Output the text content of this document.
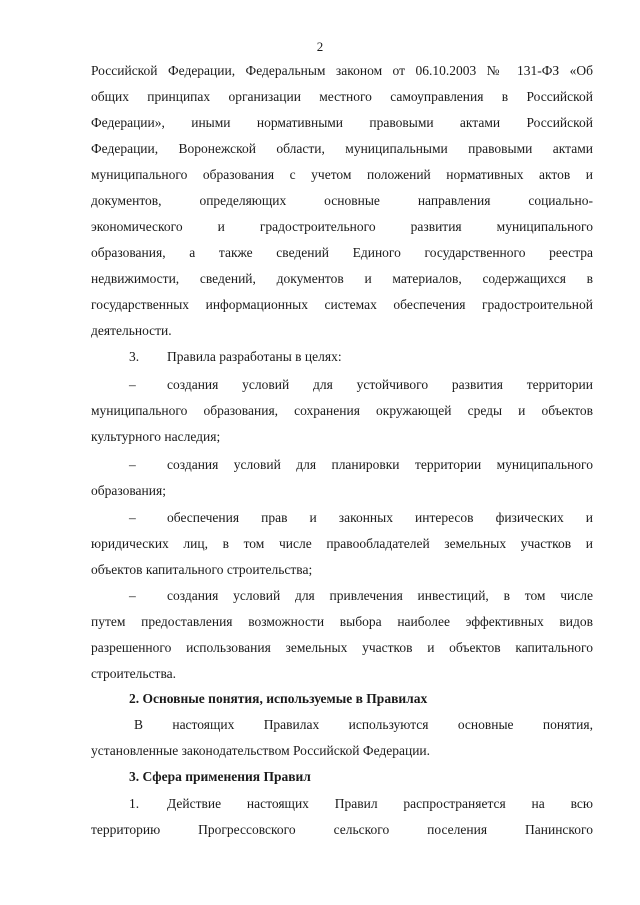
2
Российской Федерации, Федеральным законом от 06.10.2003 № 131-ФЗ «Об
общих принципах организации местного самоуправления в Российской
Федерации», иными нормативными правовыми актами Российской
Федерации, Воронежской области, муниципальными правовыми актами
муниципального образования с учетом положений нормативных актов и
документов, определяющих основные направления социально-
экономического и градостроительного развития муниципального
образования, а также сведений Единого государственного реестра
недвижимости, сведений, документов и материалов, содержащихся в
государственных информационных системах обеспечения градостроительной
деятельности.
3. Правила разработаны в целях:
– создания условий для устойчивого развития территории
муниципального образования, сохранения окружающей среды и объектов
культурного наследия;
– создания условий для планировки территории муниципального
образования;
– обеспечения прав и законных интересов физических и
юридических лиц, в том числе правообладателей земельных участков и
объектов капитального строительства;
– создания условий для привлечения инвестиций, в том числе
путем предоставления возможности выбора наиболее эффективных видов
разрешенного использования земельных участков и объектов капитального
строительства.
2. Основные понятия, используемые в Правилах
В настоящих Правилах используются основные понятия,
установленные законодательством Российской Федерации.
3. Сфера применения Правил
1. Действие настоящих Правил распространяется на всю
территорию Прогрессовского сельского поселения Панинского
